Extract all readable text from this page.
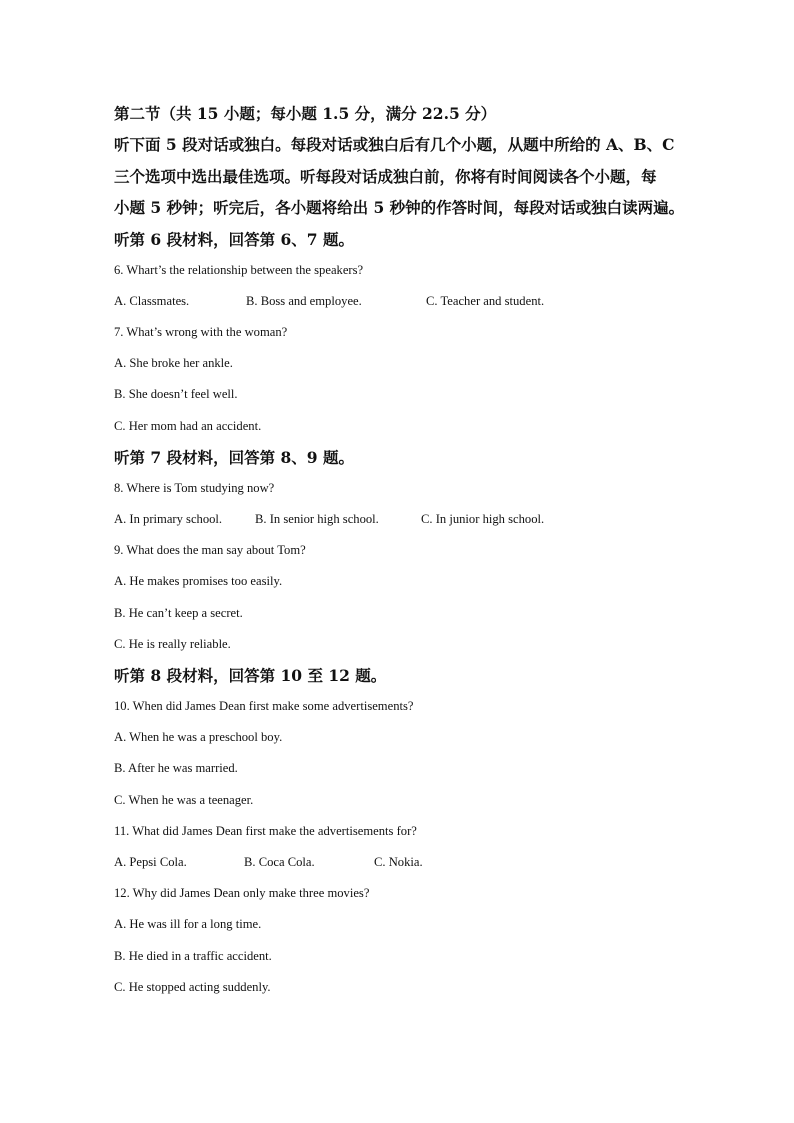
第二节（共 15 小题；每小题 1.5 分，满分 22.5 分）

听下面 5 段对话或独白。每段对话或独白后有几个小题，从题中所给的 A、B、C
三个选项中选出最佳选项。听每段对话成独白前，你将有时间阅读各个小题，每
小题 5 秒钟；听完后，各小题将给出 5 秒钟的作答时间，每段对话或独白读两遍。

听第 6 段材料，回答第 6、7 题。

6. Whart’s the relationship between the speakers?

A. Classmates.	B. Boss and employee.	C. Teacher and student.

7. What’s wrong with the woman?

A. She broke her ankle.

B. She doesn’t feel well.

C. Her mom had an accident.

听第 7 段材料，回答第 8、9 题。

8. Where is Tom studying now?

A. In primary school.	B. In senior high school.	C. In junior high school.

9. What does the man say about Tom?

A. He makes promises too easily.

B. He can’t keep a secret.

C. He is really reliable.

听第 8 段材料，回答第 10 至 12 题。

10. When did James Dean first make some advertisements?

A. When he was a preschool boy.

B. After he was married.

C. When he was a teenager.

11. What did James Dean first make the advertisements for?

A. Pepsi Cola.	B. Coca Cola.	C. Nokia.

12. Why did James Dean only make three movies?

A. He was ill for a long time.

B. He died in a traffic accident.

C. He stopped acting suddenly.
